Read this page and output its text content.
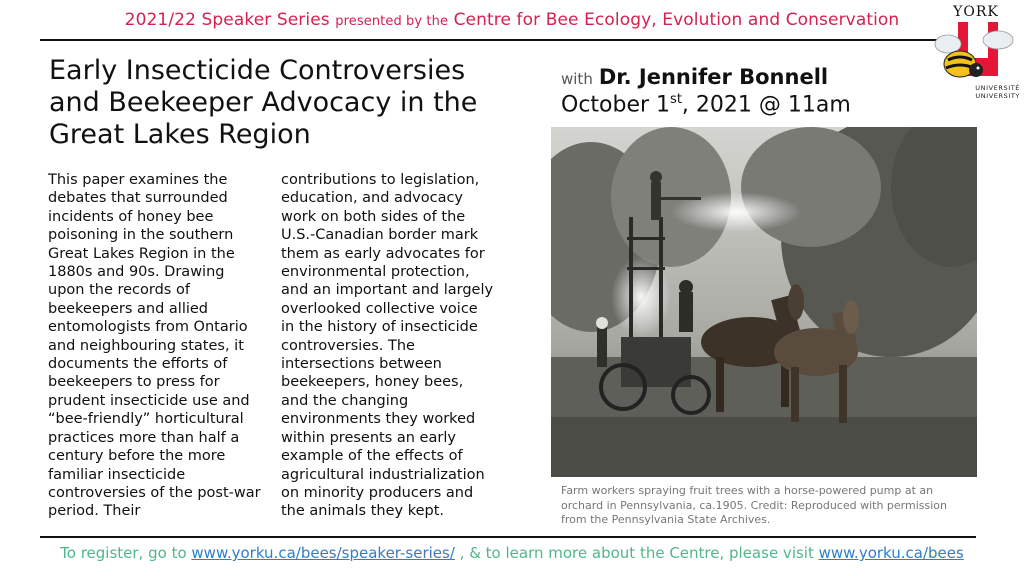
2021/22 Speaker Series presented by the Centre for Bee Ecology, Evolution and Conservation	YORK
UNIVERSITÉ
UNIVERSITY
Early Insecticide Controversies and Beekeeper Advocacy in the Great Lakes Region
This paper examines the debates that surrounded incidents of honey bee poisoning in the southern Great Lakes Region in the 1880s and 90s. Drawing upon the records of beekeepers and allied entomologists from Ontario and neighbouring states, it documents the efforts of beekeepers to press for prudent insecticide use and “bee-friendly” horticultural practices more than half a century before the more familiar insecticide controversies of the post-war period. Their
contributions to legislation, education, and advocacy work on both sides of the U.S.-Canadian border mark them as early advocates for environmental protection, and an important and largely overlooked collective voice in the history of insecticide controversies. The intersections between beekeepers, honey bees, and the changing environments they worked within presents an early example of the effects of agricultural industrialization on minority producers and the animals they kept.
with Dr. Jennifer Bonnell
October 1st, 2021 @ 11am
Farm workers spraying fruit trees with a horse-powered pump at an orchard in Pennsylvania, ca.1905. Credit: Reproduced with permission from the Pennsylvania State Archives.
To register, go to www.yorku.ca/bees/speaker-series/ , & to learn more about the Centre, please visit www.yorku.ca/bees
